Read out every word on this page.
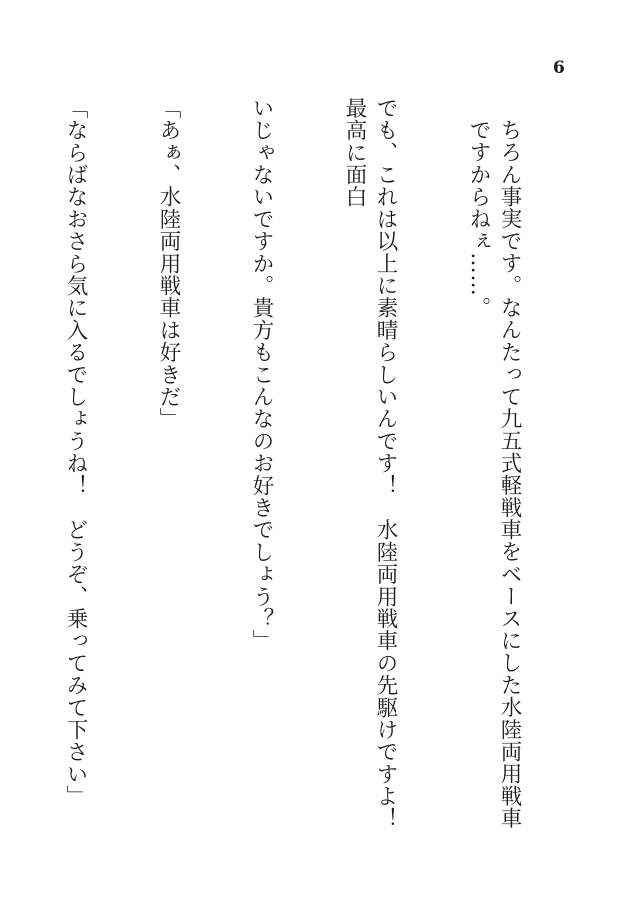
6

ちろん事実です。なんたって九五式軽戦車をベースにした水陸両用戦車ですからねぇ……。

でも、これは以上に素晴らしいんです！　水陸両用戦車の先駆けですよ！　最高に面白

いじゃないですか。貴方もこんなのお好きでしょう？」

「あぁ、水陸両用戦車は好きだ」

「ならばなおさら気に入るでしょうね！　どうぞ、乗ってみて下さい」
